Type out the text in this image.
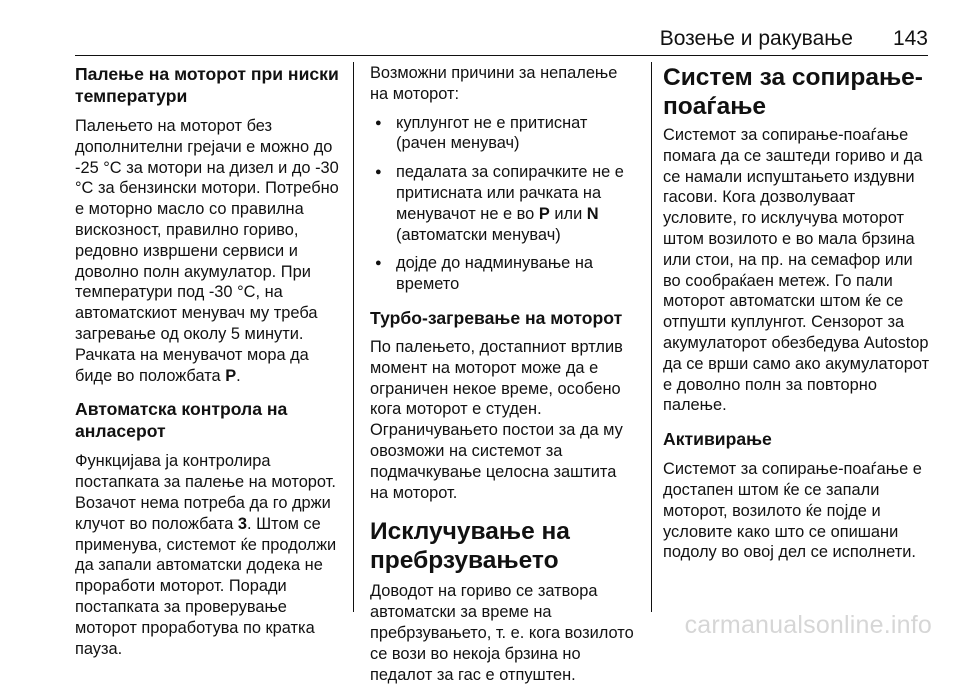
Возење и ракување 143

Палење на моторот при ниски температури

Палењето на моторот без дополнителни грејачи е можно до -25 °C за мотори на дизел и до -30 °C за бензински мотори. Потребно е моторно масло со правилна вискозност, правилно гориво, редовно извршени сервиси и доволно полн акумулатор. При температури под -30 °C, на автоматскиот менувач му треба загревање од околу 5 минути. Рачката на менувачот мора да биде во положбата P.

Автоматска контрола на анласерот

Функцијава ја контролира постапката за палење на моторот. Возачот нема потреба да го држи клучот во положбата 3. Штом се применува, системот ќе продолжи да запали автоматски додека не проработи моторот. Поради постапката за проверување моторот проработува по кратка пауза.

Возможни причини за непалење на моторот:

● куплунгот не е притиснат (рачен менувач)
● педалата за сопирачките не е притисната или рачката на менувачот не е во P или N (автоматски менувач)
● дојде до надминување на времето

Турбо-загревање на моторот

По палењето, достапниот вртлив момент на моторот може да е ограничен некое време, особено кога моторот е студен. Ограничувањето постои за да му овозможи на системот за подмачкување целосна заштита на моторот.

Исклучување на пребрзувањето

Доводот на гориво се затвора автоматски за време на пребрзувањето, т. е. кога возилото се вози во некоја брзина но педалот за гас е отпуштен.

Систем за сопирање-поаѓање

Системот за сопирање-поаѓање помага да се заштеди гориво и да се намали испуштањето издувни гасови. Кога дозволуваат условите, го исклучува моторот штом возилото е во мала брзина или стои, на пр. на семафор или во сообраќаен метеж. Го пали моторот автоматски штом ќе се отпушти куплунгот. Сензорот за акумулаторот обезбедува Autostop да се врши само ако акумулаторот е доволно полн за повторно палење.

Активирање

Системот за сопирање-поаѓање е достапен штом ќе се запали моторот, возилото ќе појде и условите како што се опишани подолу во овој дел се исполнети.

carmanualsonline.info
